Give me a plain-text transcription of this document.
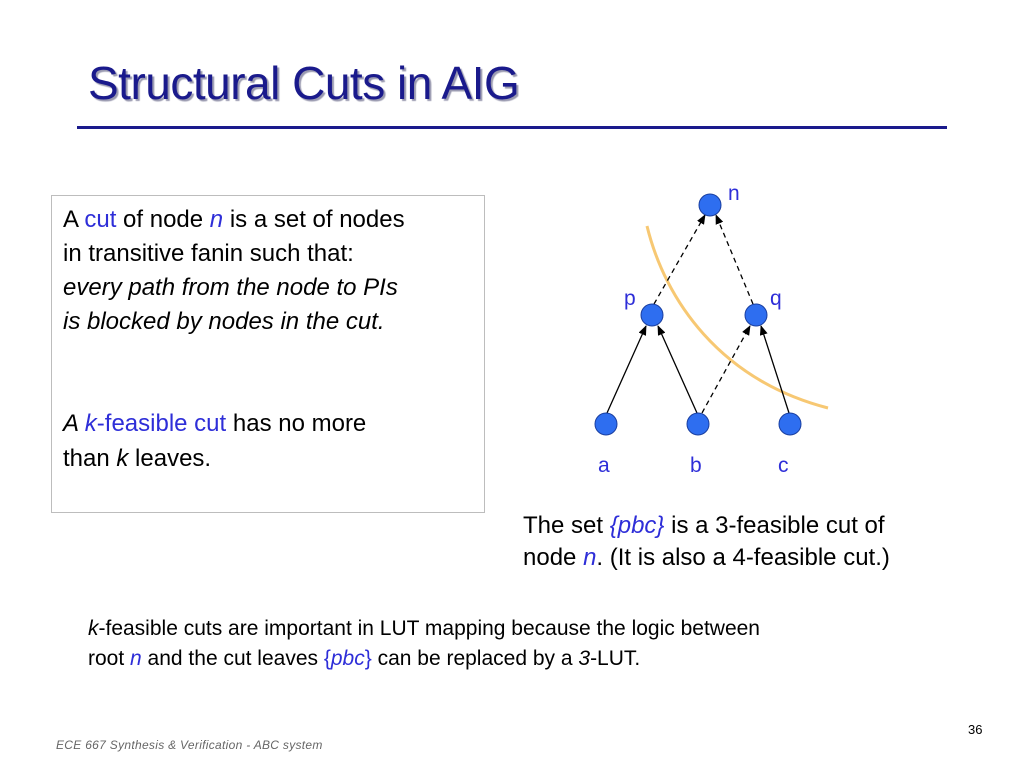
Structural Cuts in AIG
A cut of node n is a set of nodes
in transitive fanin such that:
every path from the node to PIs
is blocked by nodes in the cut.
A k-feasible cut has no more
than k leaves.
n
p	q
a	b	c
The set {pbc} is a 3-feasible cut of
node n. (It is also a 4-feasible cut.)
k-feasible cuts are important in LUT mapping because the logic between
root n and the cut leaves {pbc} can be replaced by a 3-LUT.
36
ECE 667 Synthesis & Verification - ABC system
